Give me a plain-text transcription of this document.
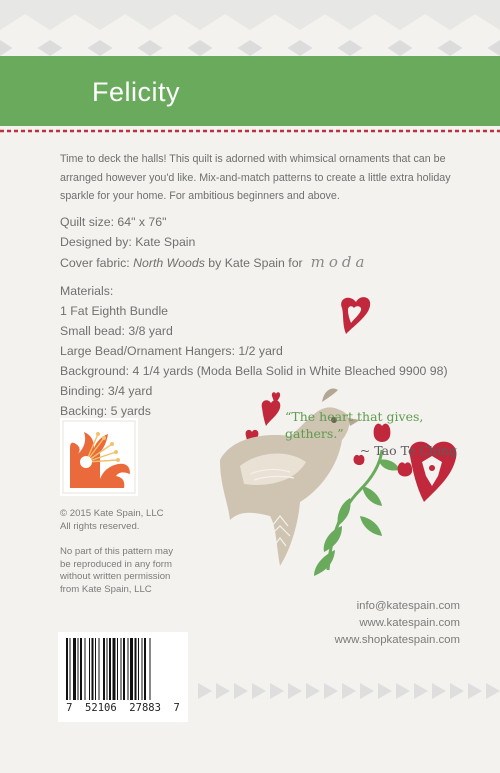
Felicity
Time to deck the halls! This quilt is adorned with whimsical ornaments that can be arranged however you'd like. Mix-and-match patterns to create a little extra holiday sparkle for your home. For ambitious beginners and above.
Quilt size: 64" x 76"
Designed by: Kate Spain
Cover fabric: North Woods by Kate Spain for moda
Materials:
1 Fat Eighth Bundle
Small bead: 3/8 yard
Large Bead/Ornament Hangers: 1/2 yard
Background: 4 1/4 yards (Moda Bella Solid in White Bleached 9900 98)
Binding: 3/4 yard
Backing: 5 yards
© 2015 Kate Spain, LLC
All rights reserved.
No part of this pattern may be reproduced in any form without written permission from Kate Spain, LLC
“The heart that gives, gathers.”
~ Tao Te Ching
info@katespain.com
www.katespain.com
www.shopkatespain.com
7  52106  27883  7
